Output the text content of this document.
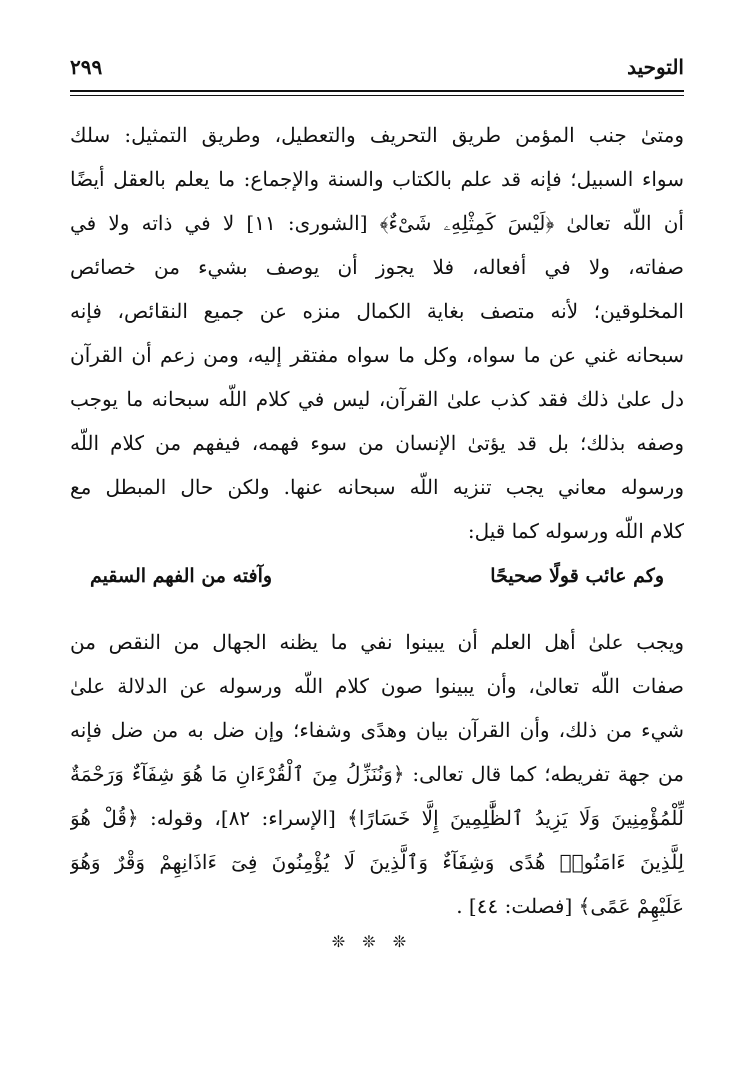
التوحيد
٢٩٩
ومتىٰ جنب المؤمن طريق التحريف والتعطيل، وطريق التمثيل: سلك
سواء السبيل؛ فإنه قد علم بالكتاب والسنة والإجماع: ما يعلم بالعقل أيضًا
أن اللّه تعالىٰ ﴿لَيْسَ كَمِثْلِهِۦ شَىْءٌ﴾ [الشورى: ١١] لا في ذاته ولا في
صفاته، ولا في أفعاله، فلا يجوز أن يوصف بشيء من خصائص
المخلوقين؛ لأنه متصف بغاية الكمال منزه عن جميع النقائص، فإنه
سبحانه غني عن ما سواه، وكل ما سواه مفتقر إليه، ومن زعم أن القرآن
دل علىٰ ذلك فقد كذب علىٰ القرآن، ليس في كلام اللّه سبحانه ما يوجب
وصفه بذلك؛ بل قد يؤتىٰ الإنسان من سوء فهمه، فيفهم من كلام اللّه
ورسوله معاني يجب تنزيه اللّه سبحانه عنها. ولكن حال المبطل مع
كلام اللّه ورسوله كما قيل:
وكم عائب قولًا صحيحًا
وآفته من الفهم السقيم
ويجب علىٰ أهل العلم أن يبينوا نفي ما يظنه الجهال من النقص من
صفات اللّه تعالىٰ، وأن يبينوا صون كلام اللّه ورسوله عن الدلالة علىٰ
شيء من ذلك، وأن القرآن بيان وهدًى وشفاء؛ وإن ضل به من ضل فإنه
من جهة تفريطه؛ كما قال تعالى: ﴿وَنُنَزِّلُ مِنَ ٱلْقُرْءَانِ مَا هُوَ شِفَآءٌ وَرَحْمَةٌ
لِّلْمُؤْمِنِينَ وَلَا يَزِيدُ ٱلظَّٰلِمِينَ إِلَّا خَسَارًا﴾ [الإسراء: ٨٢]، وقوله: ﴿قُلْ هُوَ
لِلَّذِينَ ءَامَنُوا۟ هُدًى وَشِفَآءٌ وَٱلَّذِينَ لَا يُؤْمِنُونَ فِىٓ ءَاذَانِهِمْ وَقْرٌ وَهُوَ
عَلَيْهِمْ عَمًى﴾ [فصلت: ٤٤] .
❊ ❊ ❊
